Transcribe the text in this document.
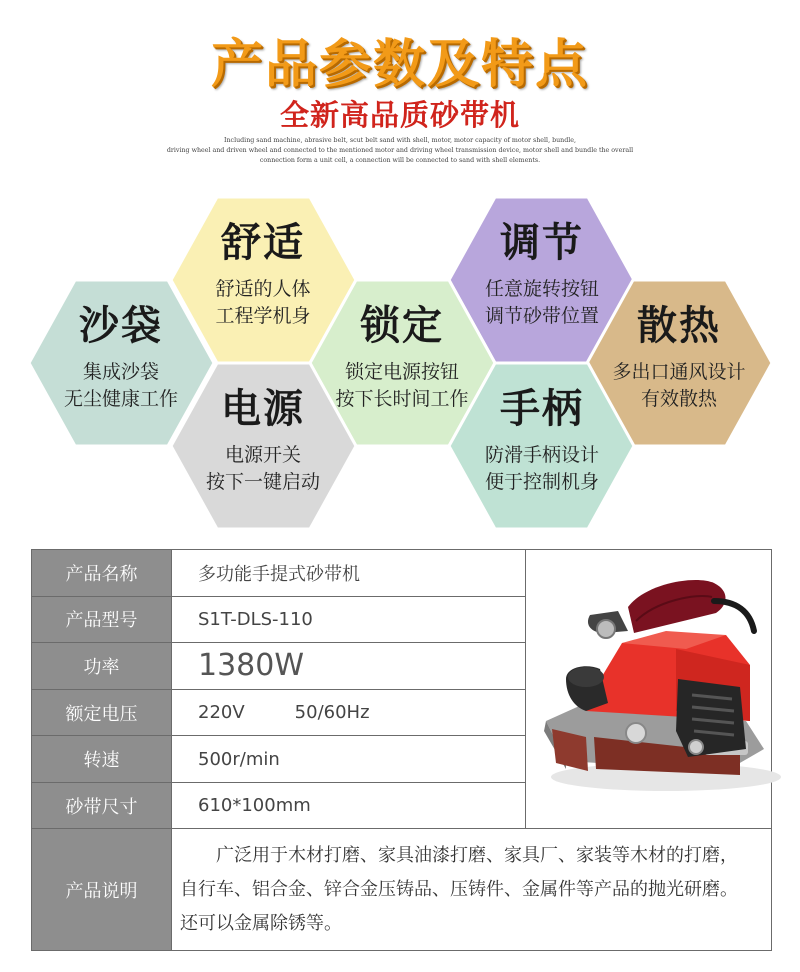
产品参数及特点
全新高品质砂带机
Including sand machine, abrasive belt, scut belt sand with shell, motor, motor capacity of motor shell, bundle,
driving wheel and driven wheel and connected to the mentioned motor and driving wheel transmission device, motor shell and bundle the overall
connection form a unit cell, a connection will be connected to sand with shell elements.
舒适
舒适的人体
工程学机身
调节
任意旋转按钮
调节砂带位置
沙袋
集成沙袋
无尘健康工作
锁定
锁定电源按钮
按下长时间工作
散热
多出口通风设计
有效散热
电源
电源开关
按下一键启动
手柄
防滑手柄设计
便于控制机身
产品名称	多功能手提式砂带机	
产品型号	S1T-DLS-110	
功率	1380W	
额定电压	220V 50/60Hz	
转速	500r/min	
砂带尺寸	610*100mm	
产品说明	广泛用于木材打磨、家具油漆打磨、家具厂、家装等木材的打磨，

自行车、铝合金、锌合金压铸品、压铸件、金属件等产品的抛光研磨。
还可以金属除锈等。	
